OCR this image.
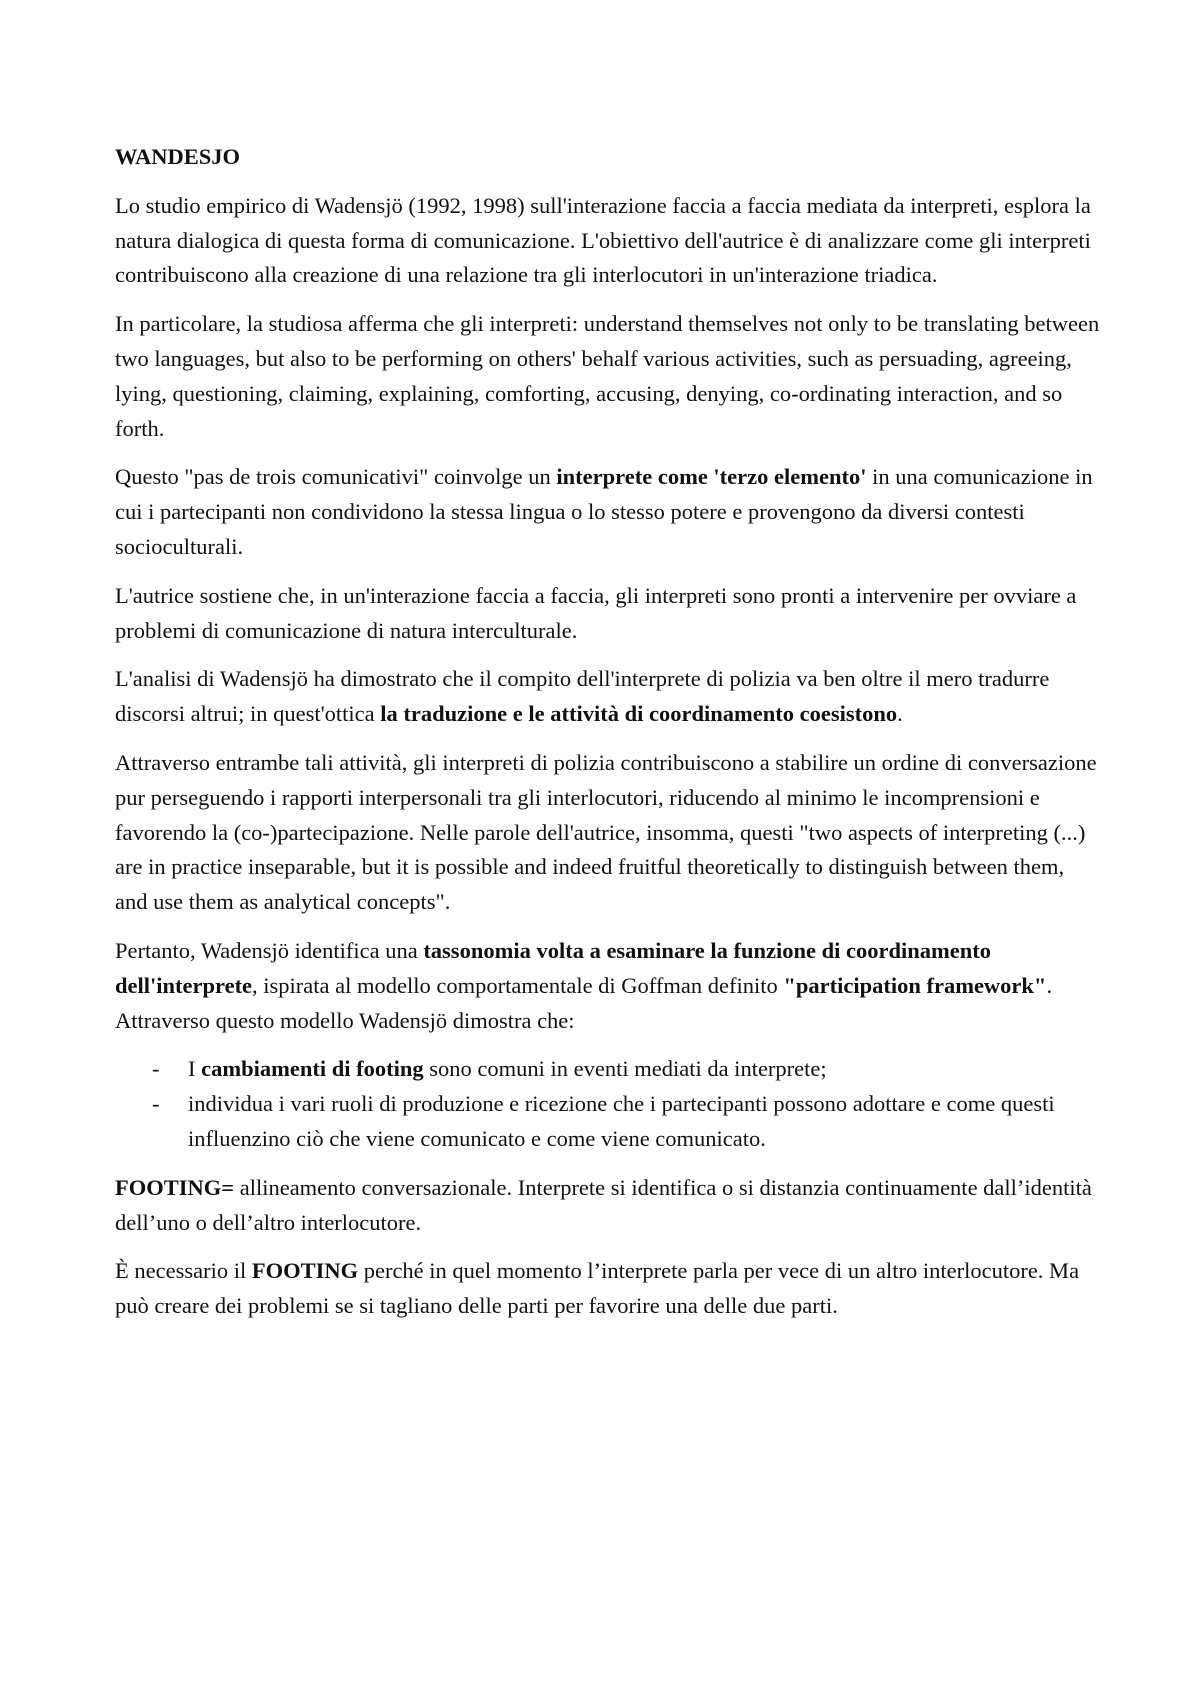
WANDESJO

Lo studio empirico di Wadensjö (1992, 1998) sull'interazione faccia a faccia mediata da interpreti, esplora la natura dialogica di questa forma di comunicazione. L'obiettivo dell'autrice è di analizzare come gli interpreti contribuiscono alla creazione di una relazione tra gli interlocutori in un'interazione triadica.

In particolare, la studiosa afferma che gli interpreti: understand themselves not only to be translating between two languages, but also to be performing on others' behalf various activities, such as persuading, agreeing, lying, questioning, claiming, explaining, comforting, accusing, denying, co-ordinating interaction, and so forth.

Questo "pas de trois comunicativi" coinvolge un interprete come 'terzo elemento' in una comunicazione in cui i partecipanti non condividono la stessa lingua o lo stesso potere e provengono da diversi contesti socioculturali.

L'autrice sostiene che, in un'interazione faccia a faccia, gli interpreti sono pronti a intervenire per ovviare a problemi di comunicazione di natura interculturale.

L'analisi di Wadensjö ha dimostrato che il compito dell'interprete di polizia va ben oltre il mero tradurre discorsi altrui; in quest'ottica la traduzione e le attività di coordinamento coesistono.

Attraverso entrambe tali attività, gli interpreti di polizia contribuiscono a stabilire un ordine di conversazione pur perseguendo i rapporti interpersonali tra gli interlocutori, riducendo al minimo le incomprensioni e favorendo la (co-)partecipazione. Nelle parole dell'autrice, insomma, questi "two aspects of interpreting (...) are in practice inseparable, but it is possible and indeed fruitful theoretically to distinguish between them, and use them as analytical concepts".

Pertanto, Wadensjö identifica una tassonomia volta a esaminare la funzione di coordinamento dell'interprete, ispirata al modello comportamentale di Goffman definito "participation framework". Attraverso questo modello Wadensjö dimostra che:

- I cambiamenti di footing sono comuni in eventi mediati da interprete;
- individua i vari ruoli di produzione e ricezione che i partecipanti possono adottare e come questi influenzino ciò che viene comunicato e come viene comunicato.

FOOTING= allineamento conversazionale. Interprete si identifica o si distanzia continuamente dall’identità dell’uno o dell’altro interlocutore.

È necessario il FOOTING perché in quel momento l’interprete parla per vece di un altro interlocutore. Ma può creare dei problemi se si tagliano delle parti per favorire una delle due parti.
